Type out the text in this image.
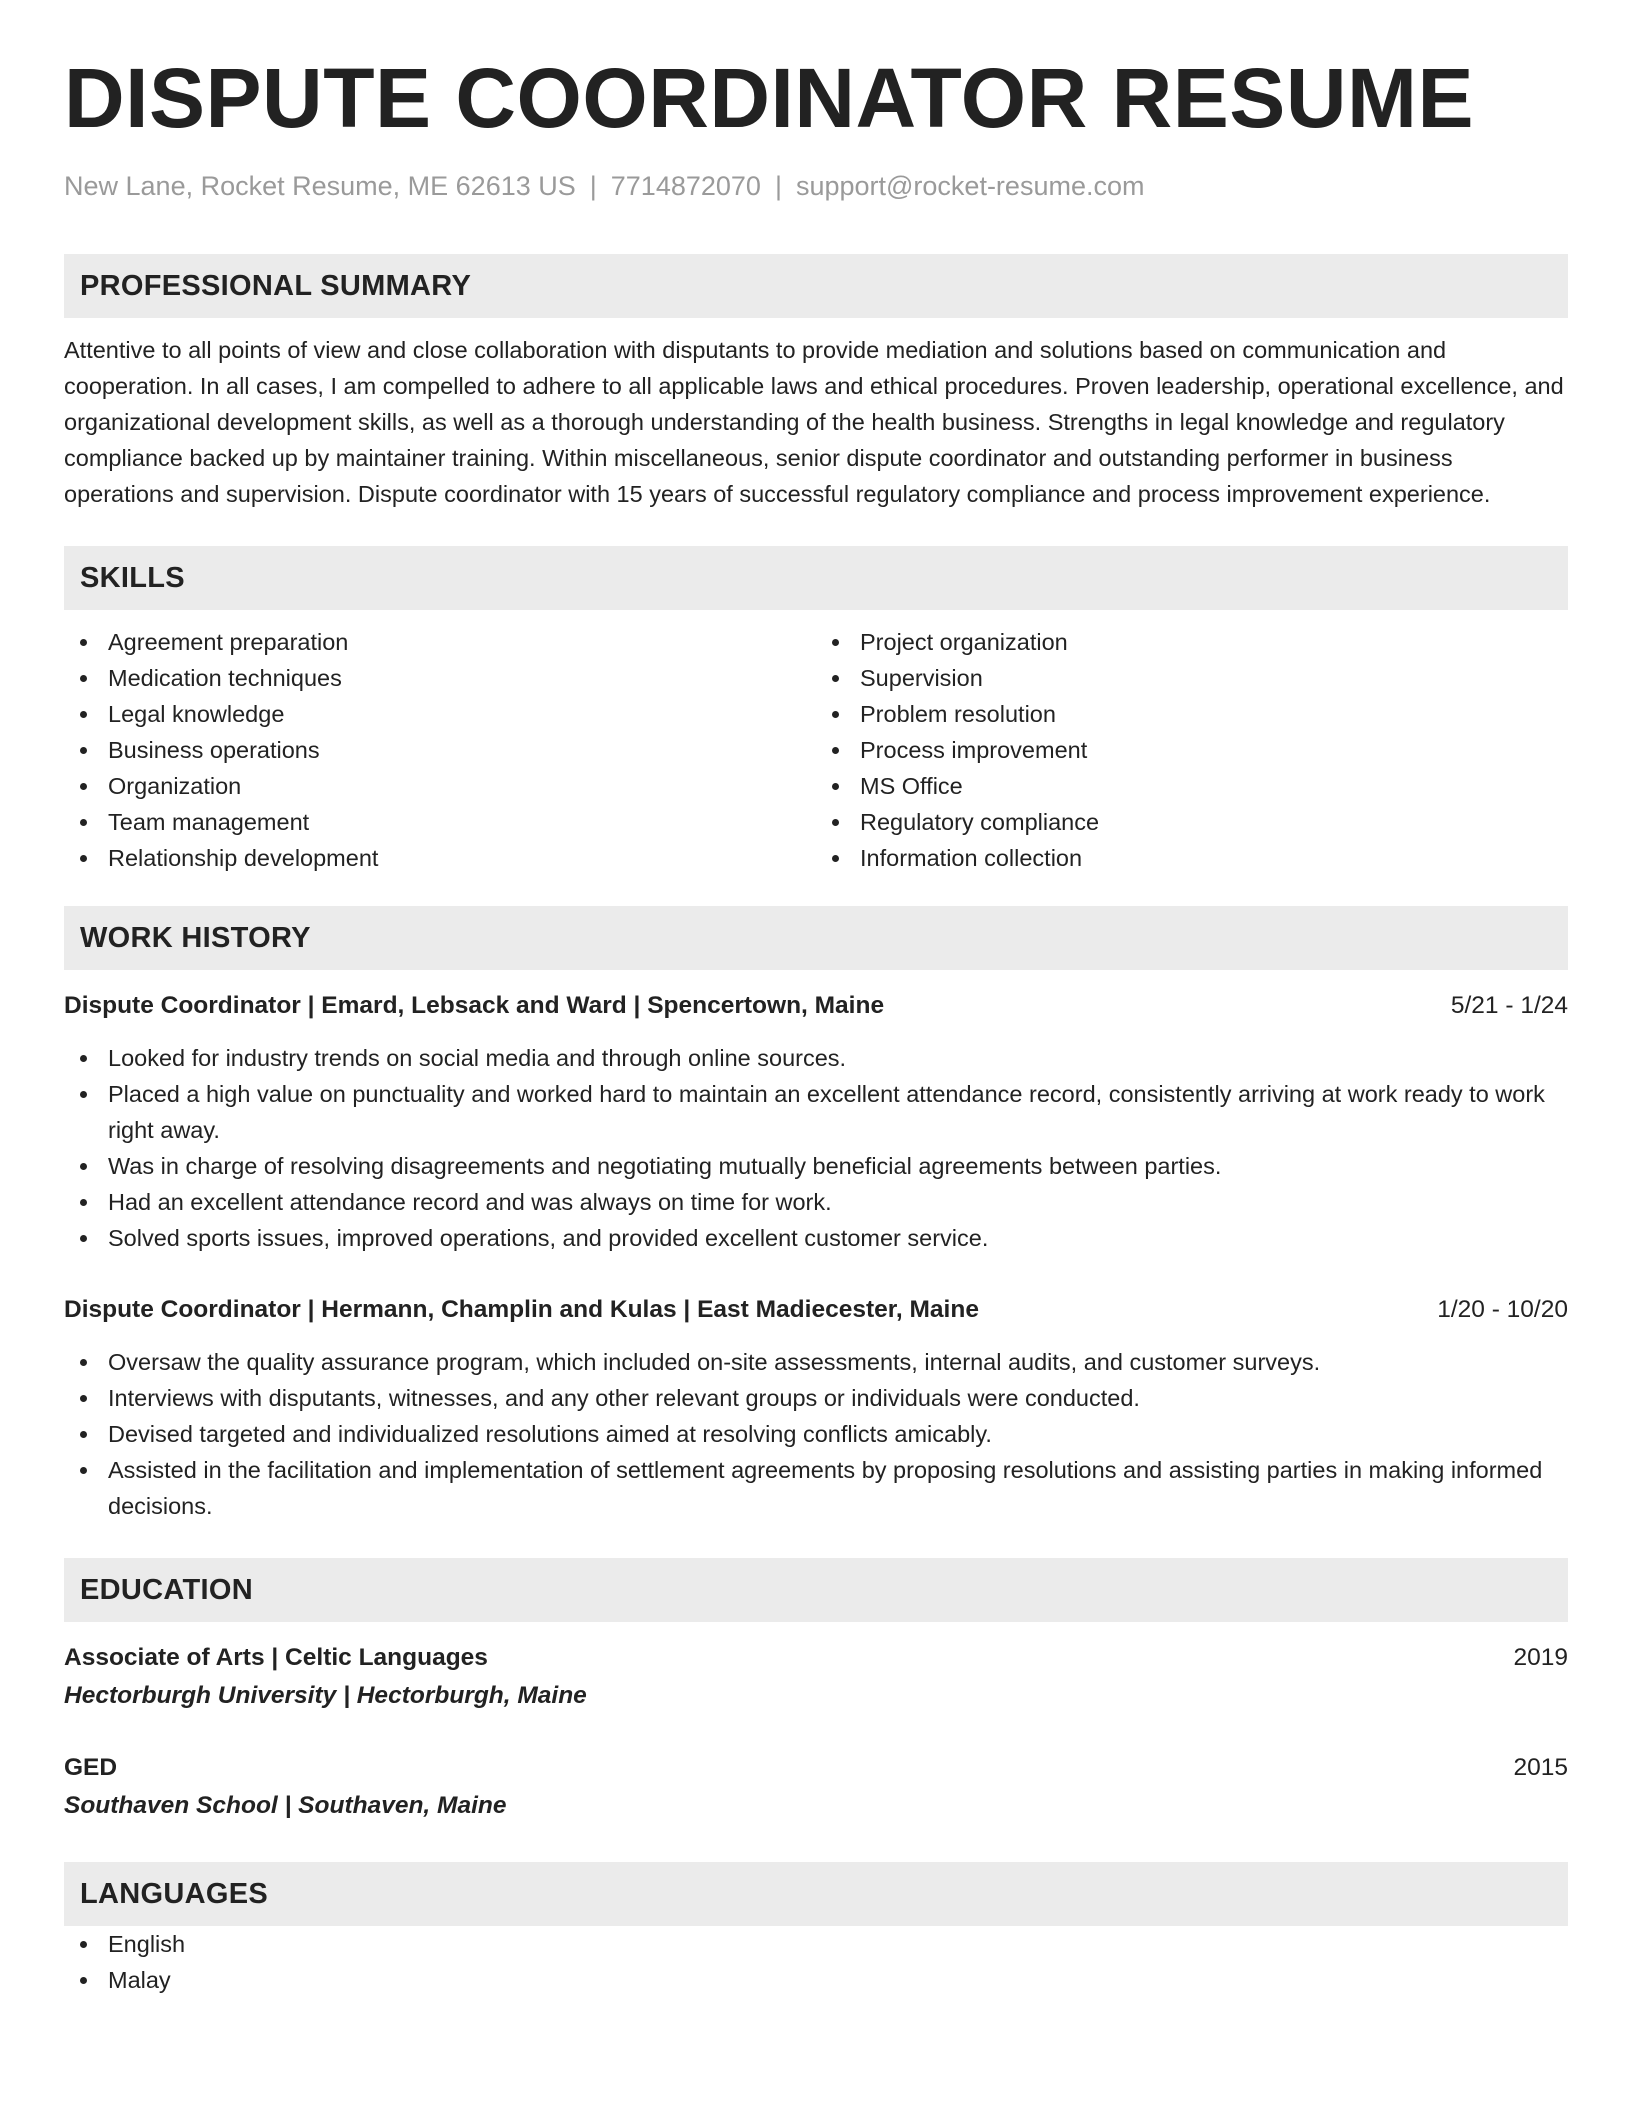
DISPUTE COORDINATOR RESUME
New Lane, Rocket Resume, ME 62613 US | 7714872070 | support@rocket-resume.com
PROFESSIONAL SUMMARY

Attentive to all points of view and close collaboration with disputants to provide mediation and solutions based on communication and cooperation. In all cases, I am compelled to adhere to all applicable laws and ethical procedures. Proven leadership, operational excellence, and organizational development skills, as well as a thorough understanding of the health business. Strengths in legal knowledge and regulatory compliance backed up by maintainer training. Within miscellaneous, senior dispute coordinator and outstanding performer in business operations and supervision. Dispute coordinator with 15 years of successful regulatory compliance and process improvement experience.

SKILLS
Agreement preparation
Medication techniques
Legal knowledge
Business operations
Organization
Team management
Relationship development
Project organization
Supervision
Problem resolution
Process improvement
MS Office
Regulatory compliance
Information collection
WORK HISTORY
Dispute Coordinator | Emard, Lebsack and Ward | Spencertown, Maine	5/21 - 1/24
Looked for industry trends on social media and through online sources.
Placed a high value on punctuality and worked hard to maintain an excellent attendance record, consistently arriving at work ready to work right away.
Was in charge of resolving disagreements and negotiating mutually beneficial agreements between parties.
Had an excellent attendance record and was always on time for work.
Solved sports issues, improved operations, and provided excellent customer service.
Dispute Coordinator | Hermann, Champlin and Kulas | East Madiecester, Maine	1/20 - 10/20
Oversaw the quality assurance program, which included on-site assessments, internal audits, and customer surveys.
Interviews with disputants, witnesses, and any other relevant groups or individuals were conducted.
Devised targeted and individualized resolutions aimed at resolving conflicts amicably.
Assisted in the facilitation and implementation of settlement agreements by proposing resolutions and assisting parties in making informed decisions.
EDUCATION
Associate of Arts | Celtic Languages	2019
Hectorburgh University | Hectorburgh, Maine
GED	2015
Southaven School | Southaven, Maine
LANGUAGES
English
Malay
